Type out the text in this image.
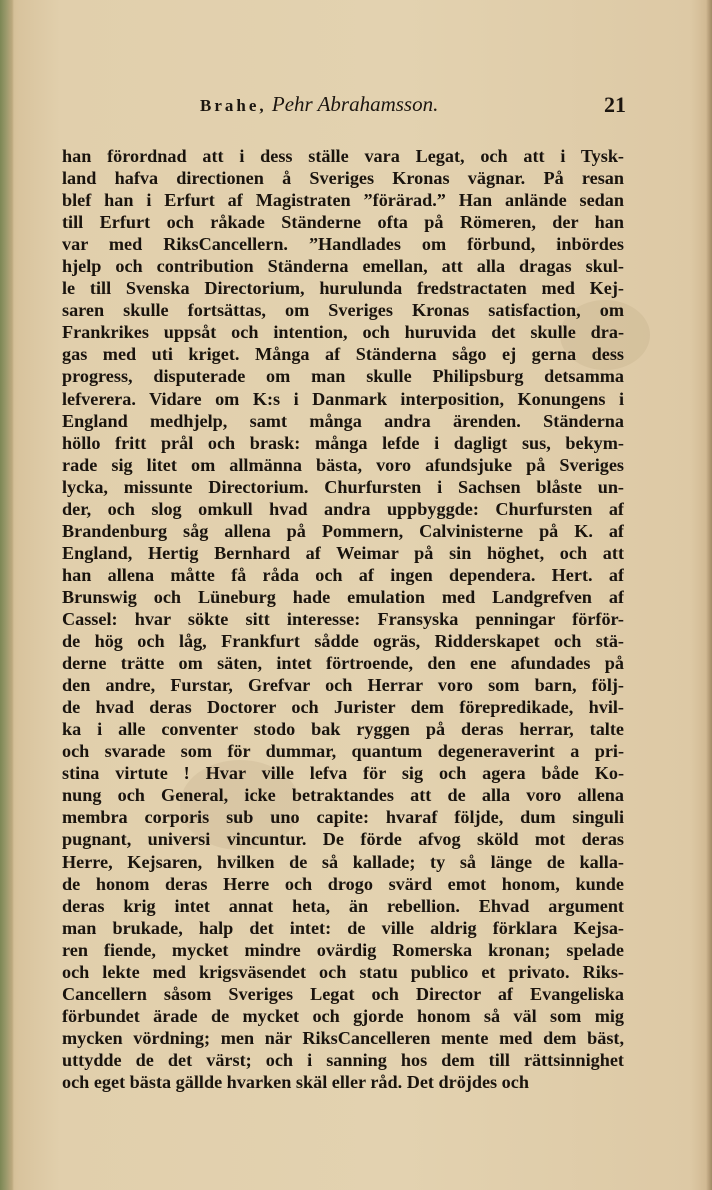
Brahe, Pehr Abrahamsson.	21
han förordnad att i dess ställe vara Legat, och att i Tysk-
land hafva directionen å Sveriges Kronas vägnar. På resan
blef han i Erfurt af Magistraten ”förärad.” Han anlände sedan
till Erfurt och råkade Ständerne ofta på Römeren, der han
var med RiksCancellern. ”Handlades om förbund, inbördes
hjelp och contribution Ständerna emellan, att alla dragas skul-
le till Svenska Directorium, hurulunda fredstractaten med Kej-
saren skulle fortsättas, om Sveriges Kronas satisfaction, om
Frankrikes uppsåt och intention, och huruvida det skulle dra-
gas med uti kriget. Många af Ständerna sågo ej gerna dess
progress, disputerade om man skulle Philipsburg detsamma
lefverera. Vidare om K:s i Danmark interposition, Konungens i
England medhjelp, samt många andra ärenden. Ständerna
höllo fritt prål och brask: många lefde i dagligt sus, bekym-
rade sig litet om allmänna bästa, voro afundsjuke på Sveriges
lycka, missunte Directorium. Churfursten i Sachsen blåste un-
der, och slog omkull hvad andra uppbyggde: Churfursten af
Brandenburg såg allena på Pommern, Calvinisterne på K. af
England, Hertig Bernhard af Weimar på sin höghet, och att
han allena måtte få råda och af ingen dependera. Hert. af
Brunswig och Lüneburg hade emulation med Landgrefven af
Cassel: hvar sökte sitt interesse: Fransyska penningar förför-
de hög och låg, Frankfurt sådde ogräs, Ridderskapet och stä-
derne trätte om säten, intet förtroende, den ene afundades på
den andre, Furstar, Grefvar och Herrar voro som barn, följ-
de hvad deras Doctorer och Jurister dem förepredikade, hvil-
ka i alle conventer stodo bak ryggen på deras herrar, talte
och svarade som för dummar, quantum degeneraverint a pri-
stina virtute ! Hvar ville lefva för sig och agera både Ko-
nung och General, icke betraktandes att de alla voro allena
membra corporis sub uno capite: hvaraf följde, dum singuli
pugnant, universi vincuntur. De förde afvog sköld mot deras
Herre, Kejsaren, hvilken de så kallade; ty så länge de kalla-
de honom deras Herre och drogo svärd emot honom, kunde
deras krig intet annat heta, än rebellion. Ehvad argument
man brukade, halp det intet: de ville aldrig förklara Kejsa-
ren fiende, mycket mindre ovärdig Romerska kronan; spelade
och lekte med krigsväsendet och statu publico et privato. Riks-
Cancellern såsom Sveriges Legat och Director af Evangeliska
förbundet ärade de mycket och gjorde honom så väl som mig
mycken vördning; men när RiksCancelleren mente med dem bäst,
uttydde de det värst; och i sanning hos dem till rättsinnighet
och eget bästa gällde hvarken skäl eller råd. Det dröjdes och
